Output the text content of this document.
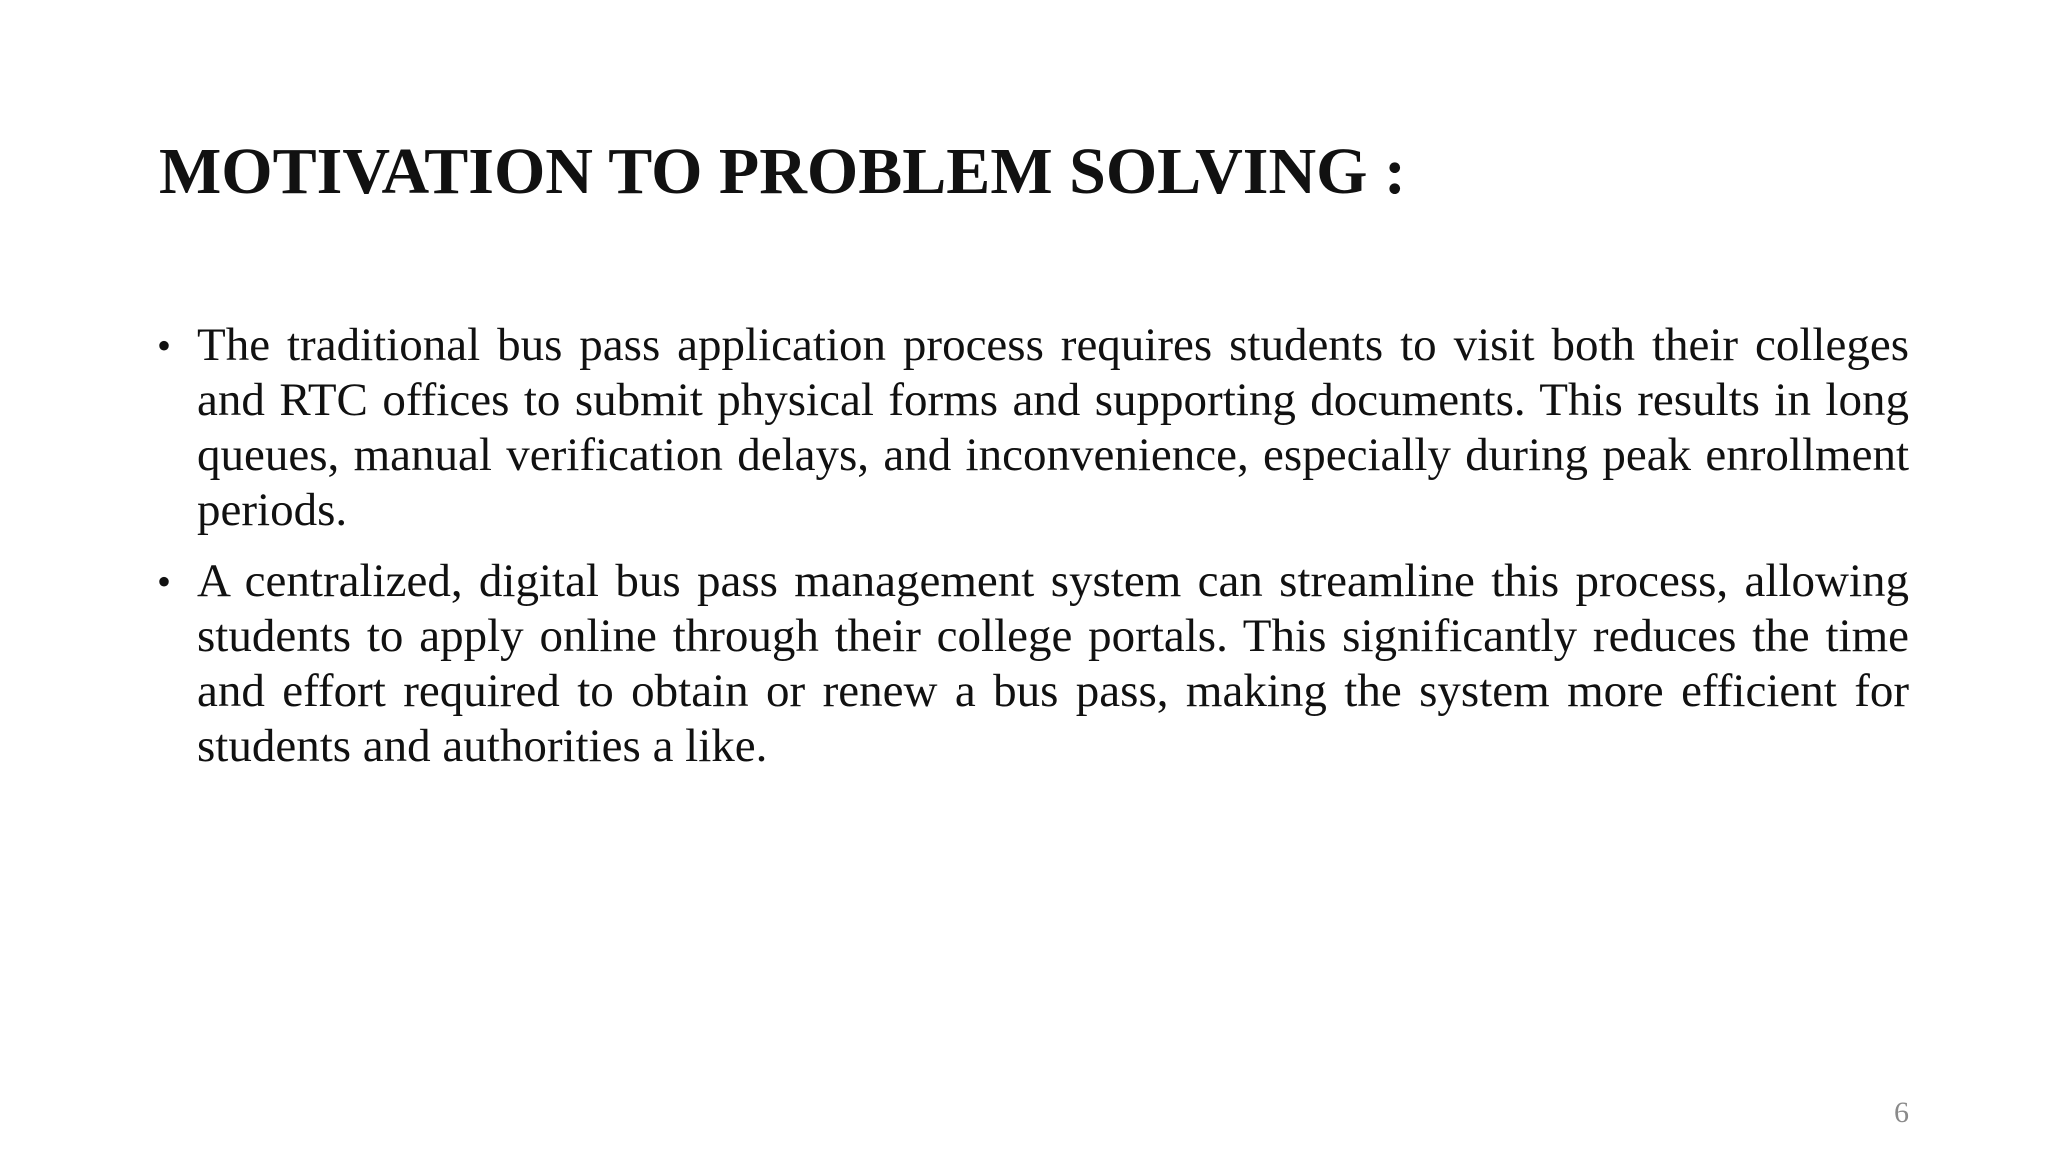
MOTIVATION TO PROBLEM SOLVING :
• The traditional bus pass application process requires students to visit both their colleges and RTC offices to submit physical forms and supporting documents. This results in long queues, manual verification delays, and inconvenience, especially during peak enrollment periods.
• A centralized, digital bus pass management system can streamline this process, allowing students to apply online through their college portals. This significantly reduces the time and effort required to obtain or renew a bus pass, making the system more efficient for students and authorities a like.
6
